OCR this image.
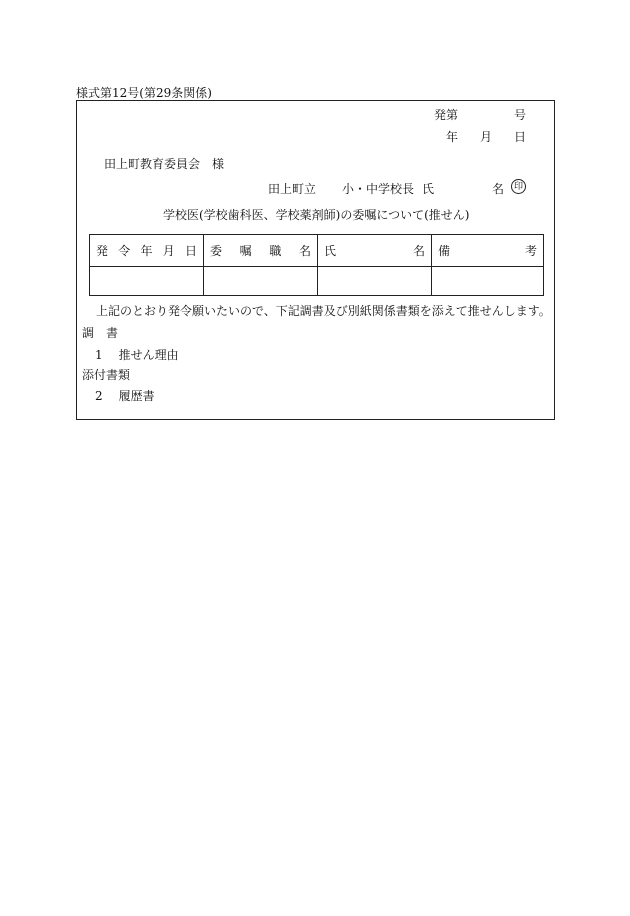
様式第12号(第29条関係)
発第	号
年 月 日
田上町教育委員会　様
田上町立 小・中学校長 氏	名	印
学校医(学校歯科医、学校薬剤師)の委嘱について(推せん)
発 令 年 月 日	委 嘱 職 名	氏 名	備 考

上記のとおり発令願いたいので、下記調書及び別紙関係書類を添えて推せんします。
調　書
1 推せん理由
添付書類
2 履歴書
